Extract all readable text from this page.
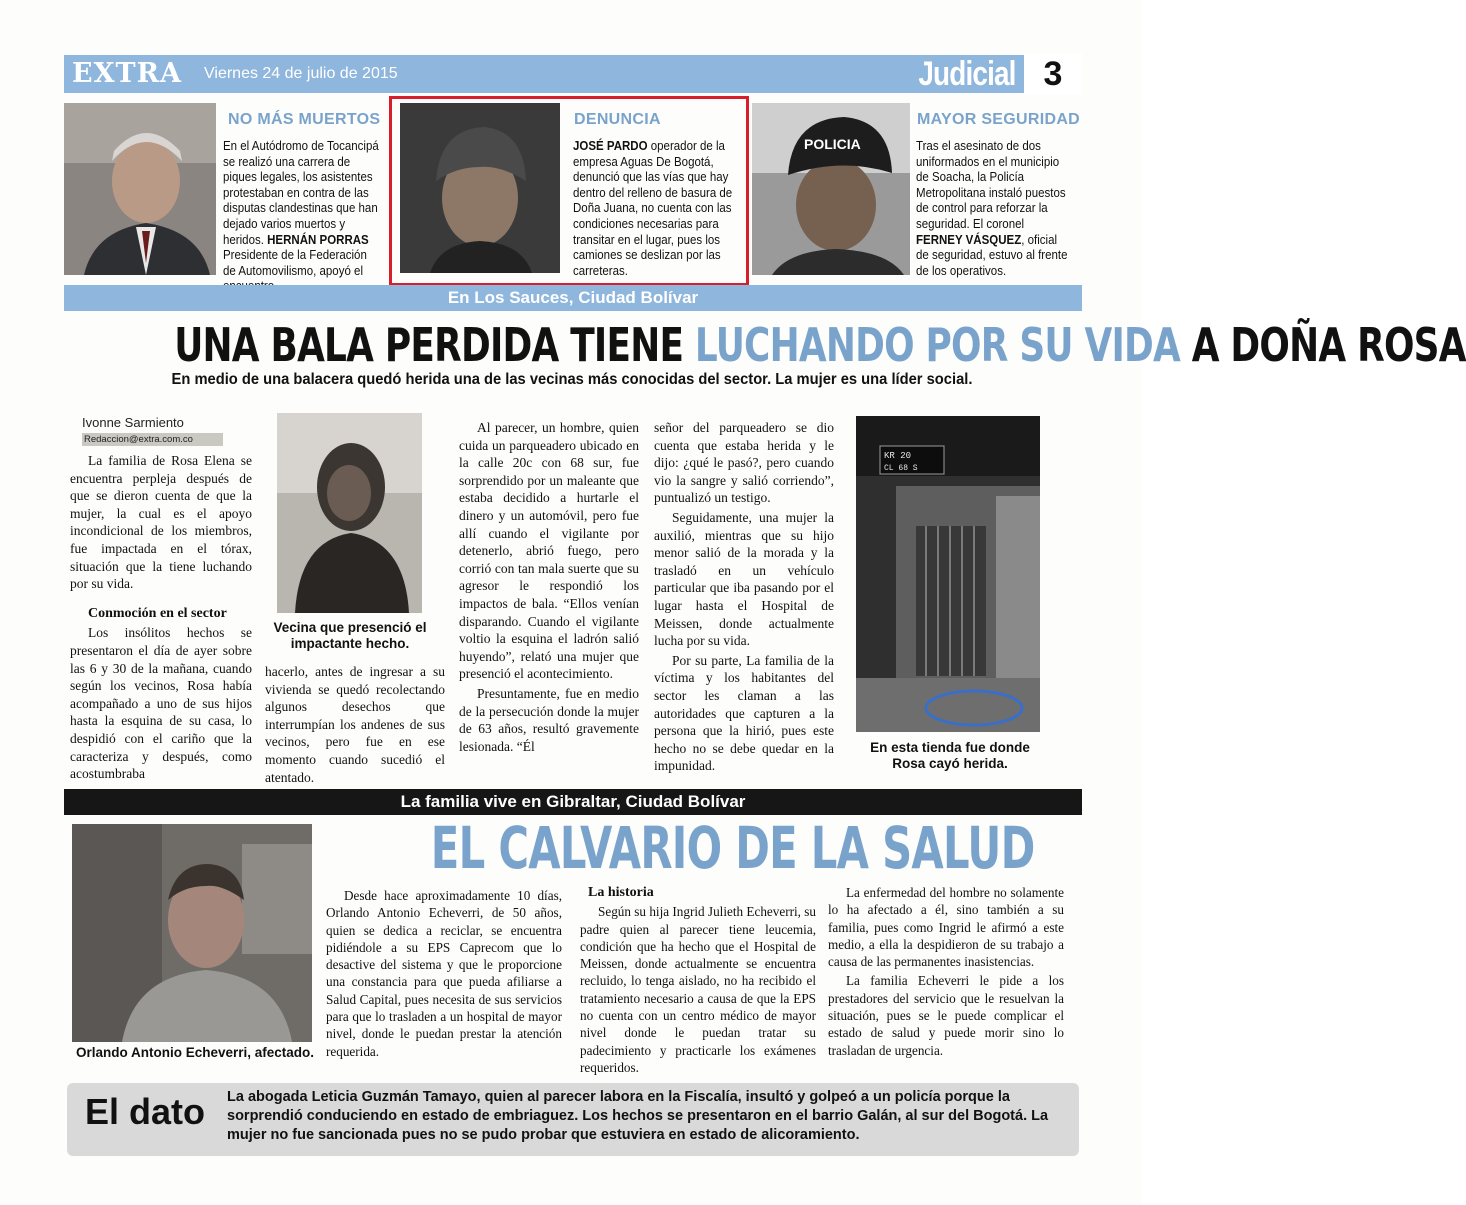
EXTRA Viernes 24 de julio de 2015	Judicial 3
NO MÁS MUERTOS
En el Autódromo de Tocancipá se realizó una carrera de piques legales, los asistentes protestaban en contra de las disputas clandestinas que han dejado varios muertos y heridos. HERNÁN PORRAS Presidente de la Federación de Automovilismo, apoyó el
DENUNCIA
JOSÉ PARDO operador de la empresa Aguas De Bogotá, denunció que las vías que hay dentro del relleno de basura de Doña Juana, no cuenta con las condiciones necesarias para transitar en el lugar, pues los camiones se deslizan por las carreteras.
POLICIA
MAYOR SEGURIDAD
Tras el asesinato de dos uniformados en el municipio de Soacha, la Policía Metropolitana instaló puestos de control para reforzar la seguridad. El coronel FERNEY VÁSQUEZ, oficial de seguridad, estuvo al frente de los operativos.
En Los Sauces, Ciudad Bolívar
UNA BALA PERDIDA TIENE LUCHANDO POR SU VIDA A DOÑA ROSA
En medio de una balacera quedó herida una de las vecinas más conocidas del sector. La mujer es una líder social.
Ivonne Sarmiento
Redaccion@extra.com.co

La familia de Rosa Elena se encuentra perpleja después de que se dieron cuenta de que la mujer, la cual es el apoyo incondicional de los miembros, fue impactada en el tórax, situación que la tiene luchando por su vida.

Conmoción en el sector

Los insólitos hechos se presentaron el día de ayer sobre las 6 y 30 de la mañana, cuando según los vecinos, Rosa había acompañado a uno de sus hijos hasta la esquina de su casa, lo despidió con el cariño que la caracteriza y después, como acostumbraba

Vecina que presenció el impactante hecho.

hacerlo, antes de ingresar a su vivienda se quedó recolectando algunos desechos que interrumpían los andenes de sus vecinos, pero fue en ese momento cuando sucedió el atentado.

Al parecer, un hombre, quien cuida un parqueadero ubicado en la calle 20c con 68 sur, fue sorprendido por un maleante que estaba decidido a hurtarle el dinero y un automóvil, pero fue allí cuando el vigilante por detenerlo, abrió fuego, pero corrió con tan mala suerte que su agresor le respondió los impactos de bala. “Ellos venían disparando. Cuando el vigilante voltio la esquina el ladrón salió huyendo”, relató una mujer que presenció el acontecimiento.

Presuntamente, fue en medio de la persecución donde la mujer de 63 años, resultó gravemente lesionada. “Él

señor del parqueadero se dio cuenta que estaba herida y le dijo: ¿qué le pasó?, pero cuando vio la sangre y salió corriendo”, puntualizó un testigo.

Seguidamente, una mujer la auxilió, mientras que su hijo menor salió de la morada y la trasladó en un vehículo particular que iba pasando por el lugar hasta el Hospital de Meissen, donde actualmente lucha por su vida.

Por su parte, La familia de la víctima y los habitantes del sector les claman a las autoridades que capturen a la persona que la hirió, pues este hecho no se debe quedar en la impunidad.

KR 20
CL 68 S
En esta tienda fue donde Rosa cayó herida.
La familia vive en Gibraltar, Ciudad Bolívar
EL CALVARIO DE LA SALUD
Orlando Antonio Echeverri, afectado.

Desde hace aproximadamente 10 días, Orlando Antonio Echeverri, de 50 años, quien se dedica a reciclar, se encuentra pidiéndole a su EPS Caprecom que lo desactive del sistema y que le proporcione una constancia para que pueda afiliarse a Salud Capital, pues necesita de sus servicios para que lo trasladen a un hospital de mayor nivel, donde le puedan prestar la atención requerida.

La historia

Según su hija Ingrid Julieth Echeverri, su padre quien al parecer tiene leucemia, condición que ha hecho que el Hospital de Meissen, donde actualmente se encuentra recluido, lo tenga aislado, no ha recibido el tratamiento necesario a causa de que la EPS no cuenta con un centro médico de mayor nivel donde le puedan tratar su padecimiento y practicarle los exámenes requeridos.

La enfermedad del hombre no solamente lo ha afectado a él, sino también a su familia, pues como Ingrid le afirmó a este medio, a ella la despidieron de su trabajo a causa de las permanentes inasistencias.

La familia Echeverri le pide a los prestadores del servicio que le resuelvan la situación, pues se le puede complicar el estado de salud y puede morir sino lo trasladan de urgencia.

El dato La abogada Leticia Guzmán Tamayo, quien al parecer labora en la Fiscalía, insultó y golpeó a un policía porque la sorprendió conduciendo en estado de embriaguez. Los hechos se presentaron en el barrio Galán, al sur del Bogotá. La mujer no fue sancionada pues no se pudo probar que estuviera en estado de alicoramiento.
